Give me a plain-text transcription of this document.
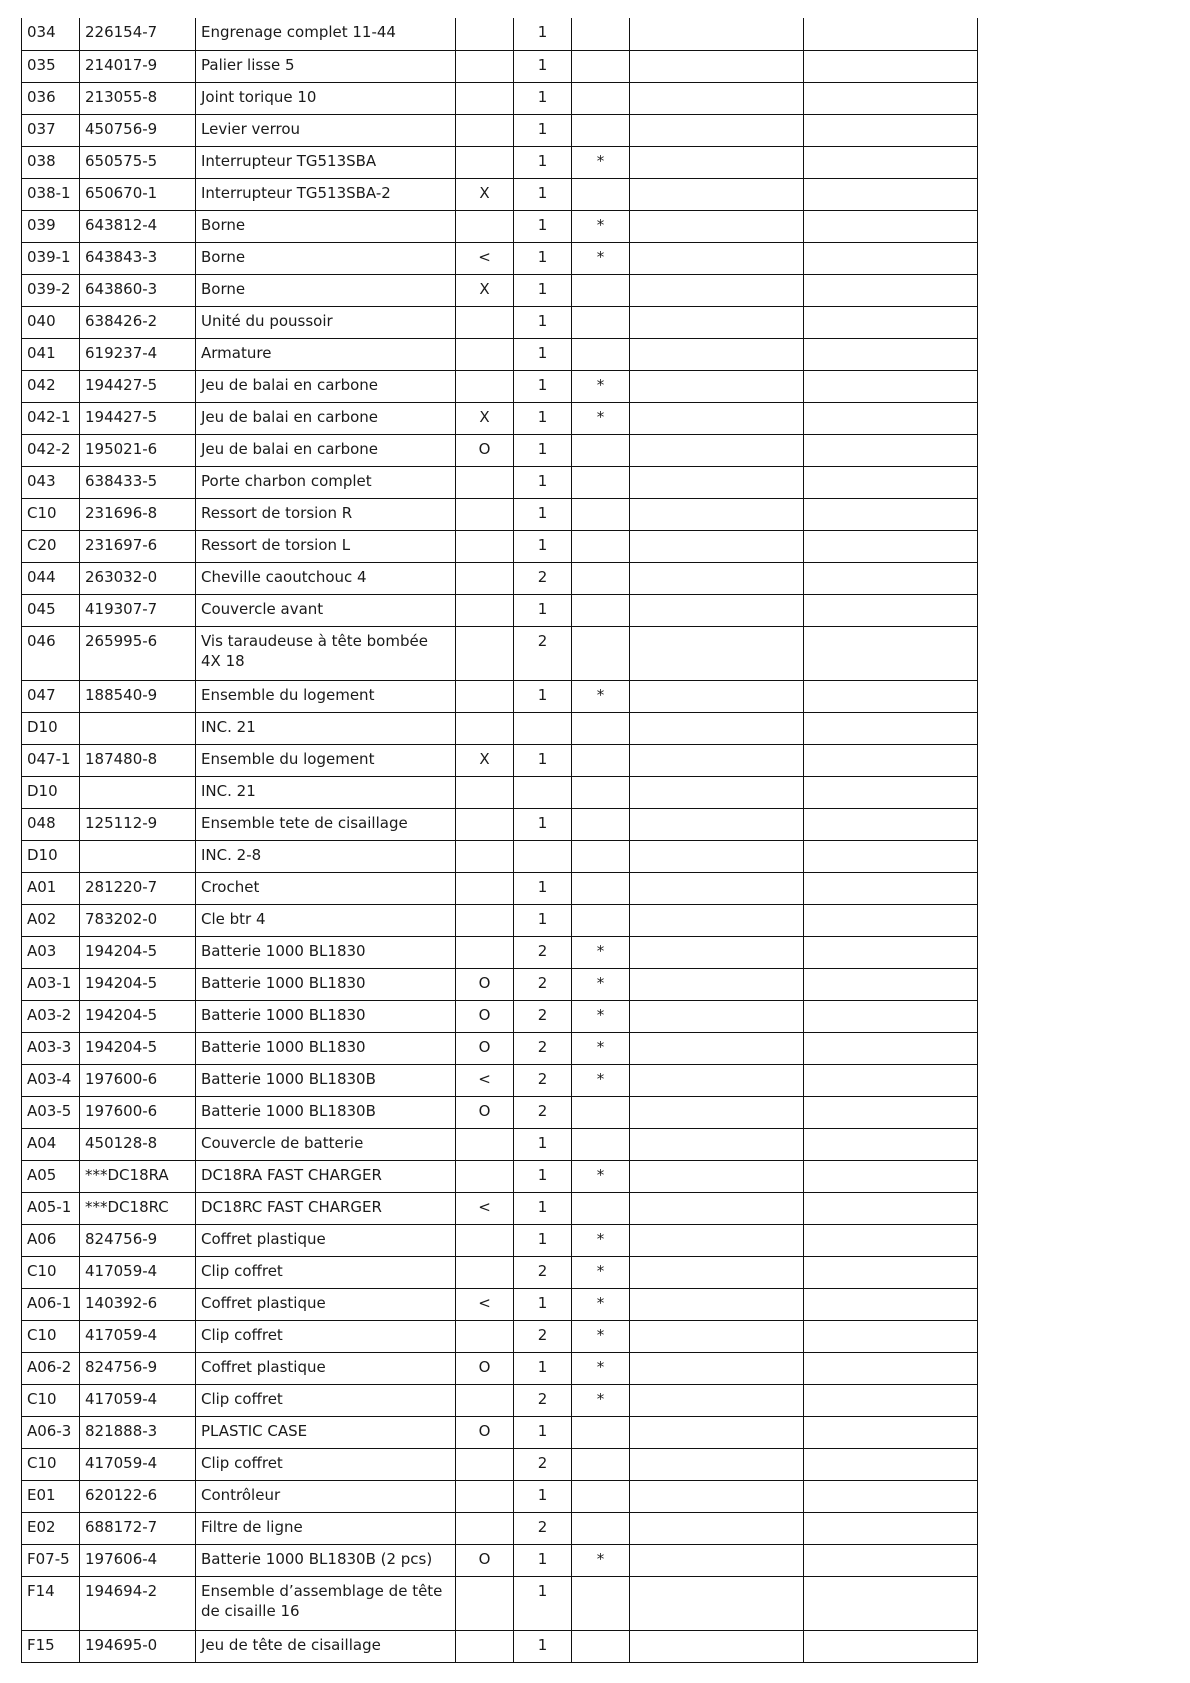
034	226154-7	Engrenage complet 11-44		1			
035	214017-9	Palier lisse 5		1			
036	213055-8	Joint torique 10		1			
037	450756-9	Levier verrou		1			
038	650575-5	Interrupteur TG513SBA		1	*		
038-1	650670-1	Interrupteur TG513SBA-2	X	1			
039	643812-4	Borne		1	*		
039-1	643843-3	Borne	<	1	*		
039-2	643860-3	Borne	X	1			
040	638426-2	Unité du poussoir		1			
041	619237-4	Armature		1			
042	194427-5	Jeu de balai en carbone		1	*		
042-1	194427-5	Jeu de balai en carbone	X	1	*		
042-2	195021-6	Jeu de balai en carbone	O	1			
043	638433-5	Porte charbon complet		1			
C10	231696-8	Ressort de torsion R		1			
C20	231697-6	Ressort de torsion L		1			
044	263032-0	Cheville caoutchouc 4		2			
045	419307-7	Couvercle avant		1			
046	265995-6	Vis taraudeuse à tête bombée 4X 18		2			
047	188540-9	Ensemble du logement		1	*		
D10		INC. 21					
047-1	187480-8	Ensemble du logement	X	1			
D10		INC. 21					
048	125112-9	Ensemble tete de cisaillage		1			
D10		INC. 2-8					
A01	281220-7	Crochet		1			
A02	783202-0	Cle btr 4		1			
A03	194204-5	Batterie 1000 BL1830		2	*		
A03-1	194204-5	Batterie 1000 BL1830	O	2	*		
A03-2	194204-5	Batterie 1000 BL1830	O	2	*		
A03-3	194204-5	Batterie 1000 BL1830	O	2	*		
A03-4	197600-6	Batterie 1000 BL1830B	<	2	*		
A03-5	197600-6	Batterie 1000 BL1830B	O	2			
A04	450128-8	Couvercle de batterie		1			
A05	***DC18RA	DC18RA FAST CHARGER		1	*		
A05-1	***DC18RC	DC18RC FAST CHARGER	<	1			
A06	824756-9	Coffret plastique		1	*		
C10	417059-4	Clip coffret		2	*		
A06-1	140392-6	Coffret plastique	<	1	*		
C10	417059-4	Clip coffret		2	*		
A06-2	824756-9	Coffret plastique	O	1	*		
C10	417059-4	Clip coffret		2	*		
A06-3	821888-3	PLASTIC CASE	O	1			
C10	417059-4	Clip coffret		2			
E01	620122-6	Contrôleur		1			
E02	688172-7	Filtre de ligne		2			
F07-5	197606-4	Batterie 1000 BL1830B (2 pcs)	O	1	*		
F14	194694-2	Ensemble d’assemblage de tête de cisaille 16		1			
F15	194695-0	Jeu de tête de cisaillage		1			
